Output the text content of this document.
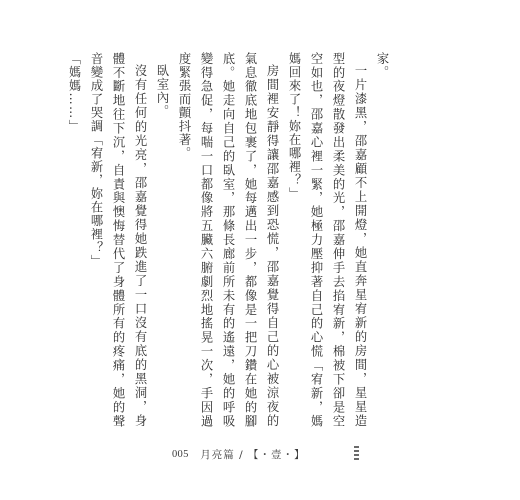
家。

一片漆黑，邵嘉顧不上開燈，她直奔星宥新的房間，星星造型的夜燈散發出柔美的光，邵嘉伸手去掐宥新，棉被下卻是空空如也，邵嘉心裡一緊，她極力壓抑著自己的心慌「宥新，媽媽回來了！妳在哪裡？」

房間裡安靜得讓邵嘉感到恐慌，邵嘉覺得自己的心被涼夜的氣息徹底地包裹了，她每邁出一步，都像是一把刀鑽在她的腳底。她走向自己的臥室，那條長廊前所未有的遙遠，她的呼吸變得急促，每喘一口都像將五臟六腑劇烈地搖晃一次，手因過度緊張而顫抖著。

臥室內。

沒有任何的光亮，邵嘉覺得她跌進了一口沒有底的黑洞，身體不斷地往下沉，自責與懊悔替代了身體所有的疼痛，她的聲音變成了哭調「宥新，妳在哪裡？」

「媽媽……」

005 月亮篇 / 【・壹・】
